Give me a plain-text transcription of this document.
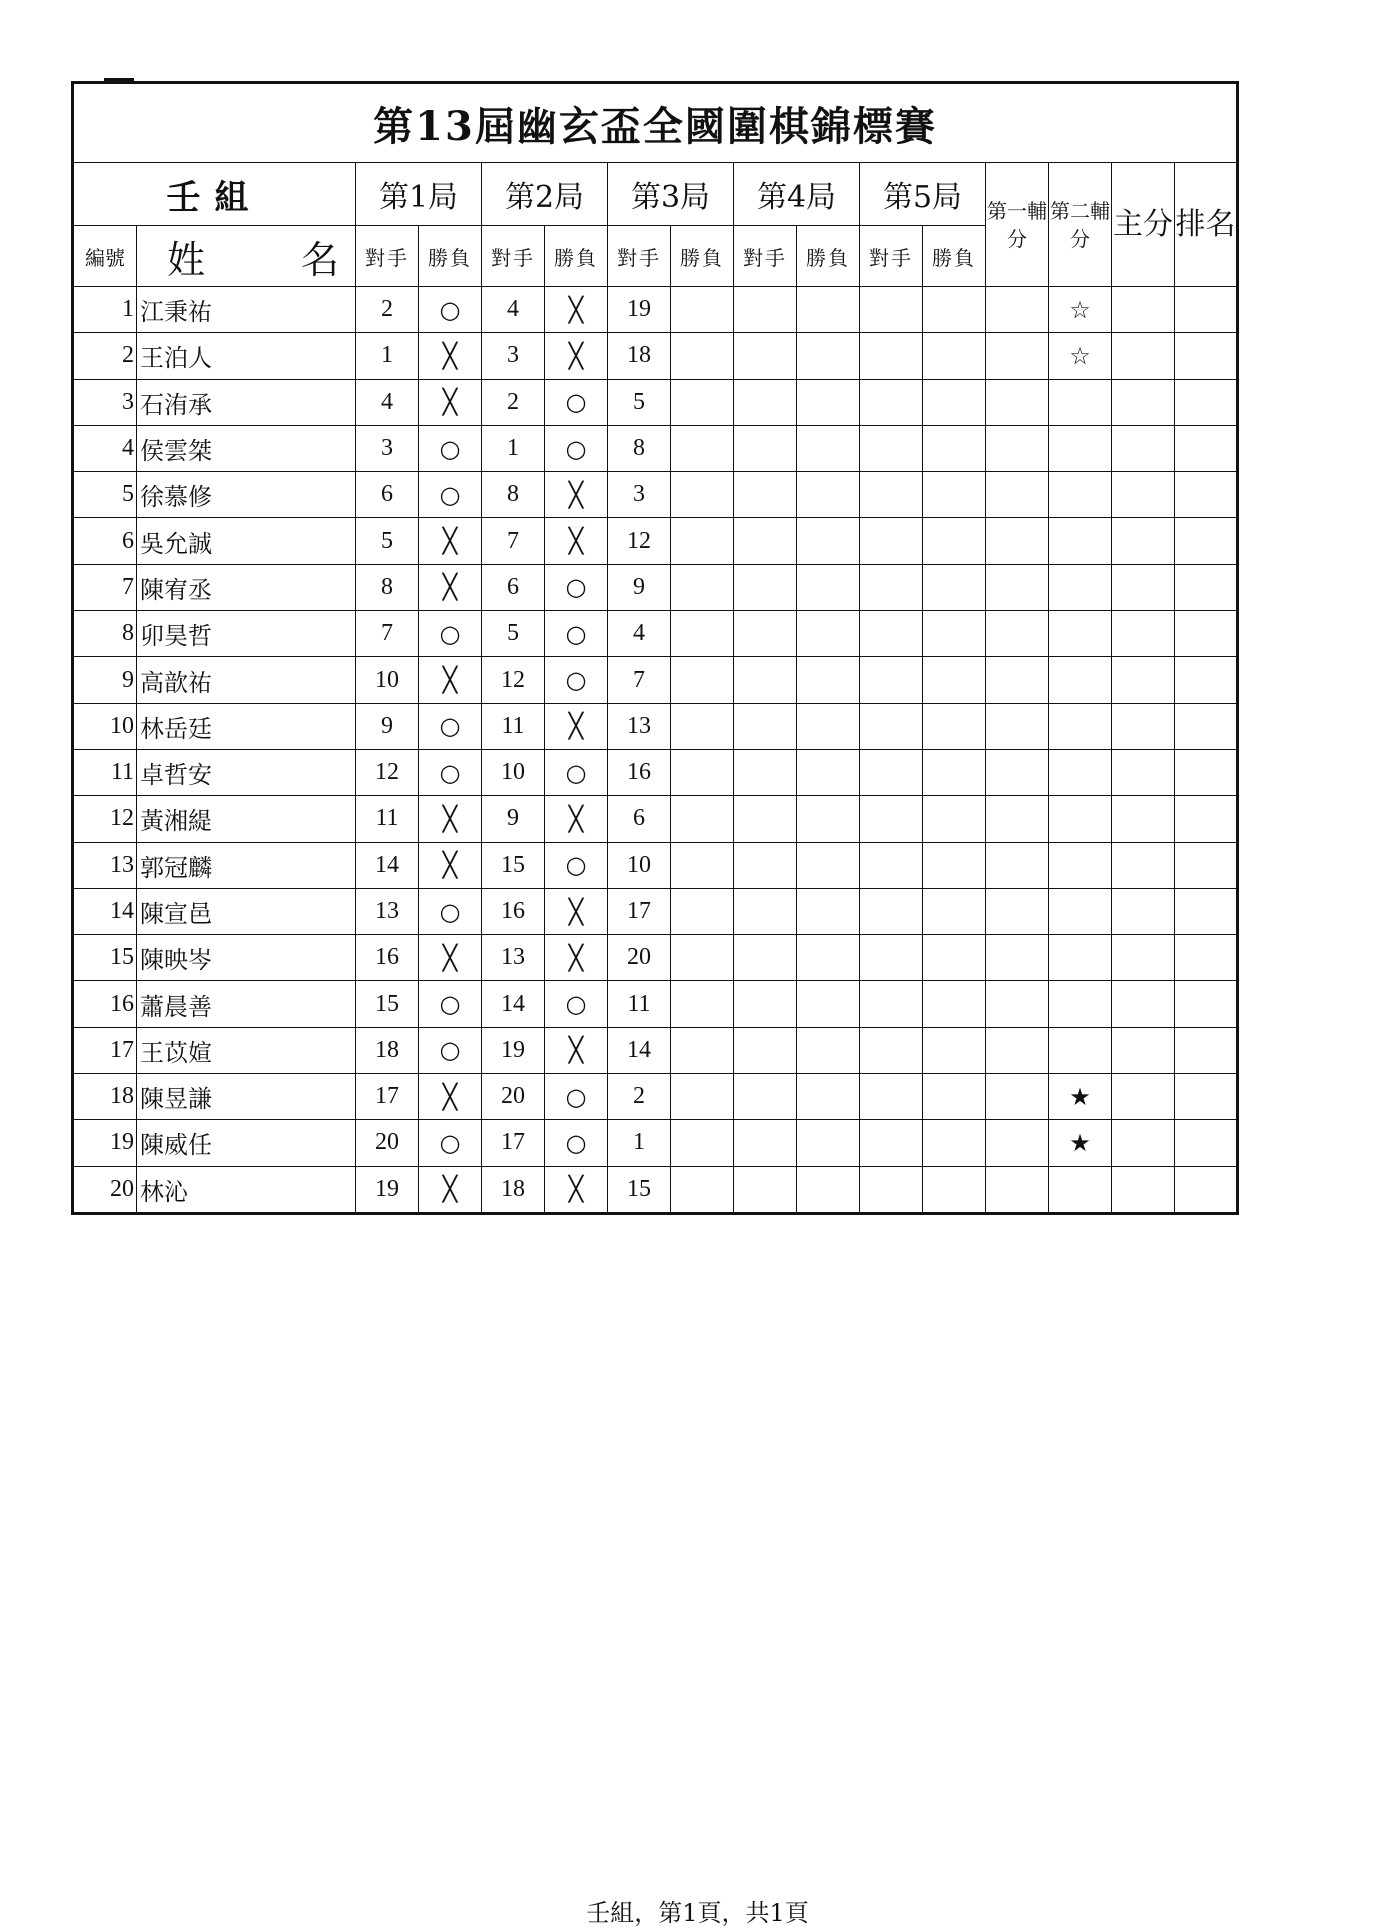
第13屆幽玄盃全國圍棋錦標賽															
壬組		第1局		第2局		第3局		第4局		第5局		第一輔分	第二輔分	主分	排名
編號	姓 名	對手	勝負	對手	勝負	對手	勝負	對手	勝負	對手	勝負				
1	江秉祐	2	○	4	╳	19							☆		
2	王泊人	1	╳	3	╳	18							☆		
3	石洧承	4	╳	2	○	5									
4	侯雲桀	3	○	1	○	8									
5	徐慕修	6	○	8	╳	3									
6	吳允誠	5	╳	7	╳	12									
7	陳宥丞	8	╳	6	○	9									
8	卯昊哲	7	○	5	○	4									
9	高歆祐	10	╳	12	○	7									
10	林岳廷	9	○	11	╳	13									
11	卓哲安	12	○	10	○	16									
12	黃湘緹	11	╳	9	╳	6									
13	郭冠麟	14	╳	15	○	10									
14	陳宣邑	13	○	16	╳	17									
15	陳映岑	16	╳	13	╳	20									
16	蕭晨善	15	○	14	○	11									
17	王苡媗	18	○	19	╳	14									
18	陳昱謙	17	╳	20	○	2							★		
19	陳威任	20	○	17	○	1							★		
20	林沁	19	╳	18	╳	15									
壬組，第1頁，共1頁
